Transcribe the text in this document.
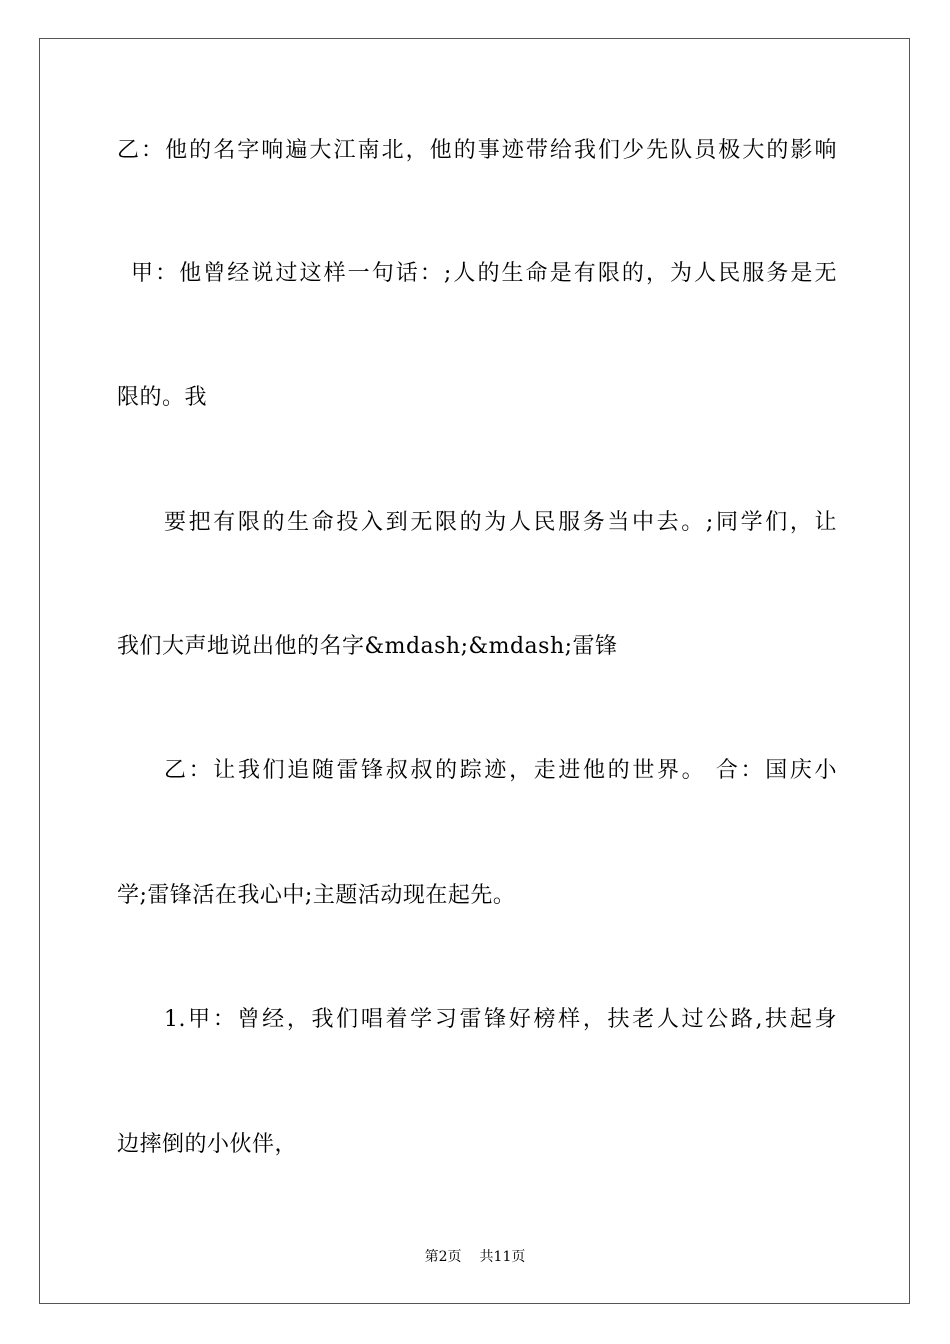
乙：他的名字响遍大江南北，他的事迹带给我们少先队员极大的影响
甲：他曾经说过这样一句话：;人的生命是有限的，为人民服务是无
限的。我
要把有限的生命投入到无限的为人民服务当中去。;同学们，让
我们大声地说出他的名字&mdash;&mdash;雷锋
乙：让我们追随雷锋叔叔的踪迹，走进他的世界。 合：国庆小
学;雷锋活在我心中;主题活动现在起先。
1.甲：曾经，我们唱着学习雷锋好榜样，扶老人过公路,扶起身
边摔倒的小伙伴，
第2页 共11页
